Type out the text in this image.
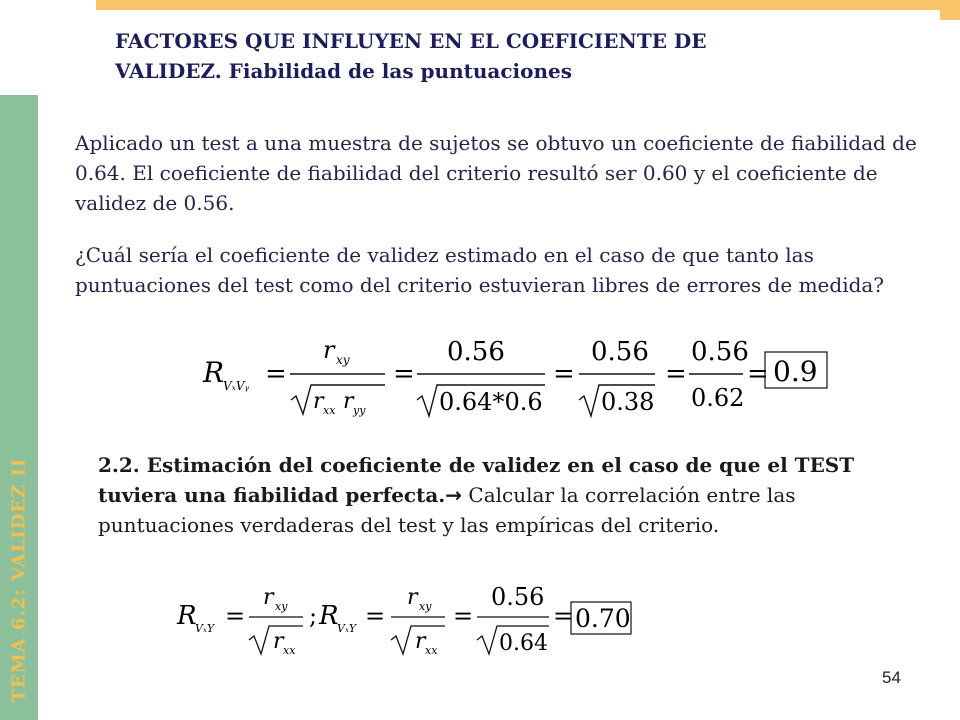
TEMA 6.2: VALIDEZ II
FACTORES QUE INFLUYEN EN EL COEFICIENTE DE
VALIDEZ. Fiabilidad de las puntuaciones

Aplicado un test a una muestra de sujetos se obtuvo un coeficiente de fiabilidad de 0.64. El coeficiente de fiabilidad del criterio resultó ser 0.60 y el coeficiente de validez de 0.56.

¿Cuál sería el coeficiente de validez estimado en el caso de que tanto las puntuaciones del test como del criterio estuvieran libres de errores de medida?

R
VₓVᵧ =
r xy
r xx r yy
=
0.56
0.64*0.6
=
0.56
0.38
=
0.56
0.62
= 0.9

2.2. Estimación del coeficiente de validez en el caso de que el TEST tuviera una fiabilidad perfecta.→ Calcular la correlación entre las puntuaciones verdaderas del test y las empíricas del criterio.

R
VₓY =
r xy
r xx
; R
VₓY =
r xy
r xx
=
0.56
0.64
= 0.70
54
